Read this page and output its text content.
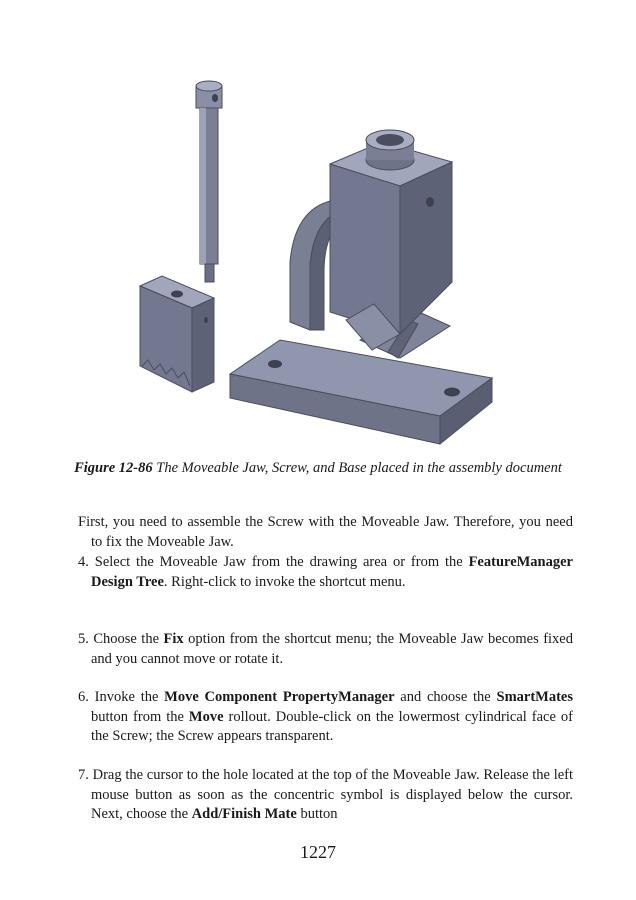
Figure 12-86 The Moveable Jaw, Screw, and Base placed in the assembly document

First, you need to assemble the Screw with the Moveable Jaw. Therefore, you need to fix the Moveable Jaw.

4. Select the Moveable Jaw from the drawing area or from the FeatureManager Design Tree. Right-click to invoke the shortcut menu.

5. Choose the Fix option from the shortcut menu; the Moveable Jaw becomes fixed and you cannot move or rotate it.

6. Invoke the Move Component PropertyManager and choose the SmartMates button from the Move rollout. Double-click on the lowermost cylindrical face of the Screw; the Screw appears transparent.

7. Drag the cursor to the hole located at the top of the Moveable Jaw. Release the left mouse button as soon as the concentric symbol is displayed below the cursor. Next, choose the Add/Finish Mate button

1227
